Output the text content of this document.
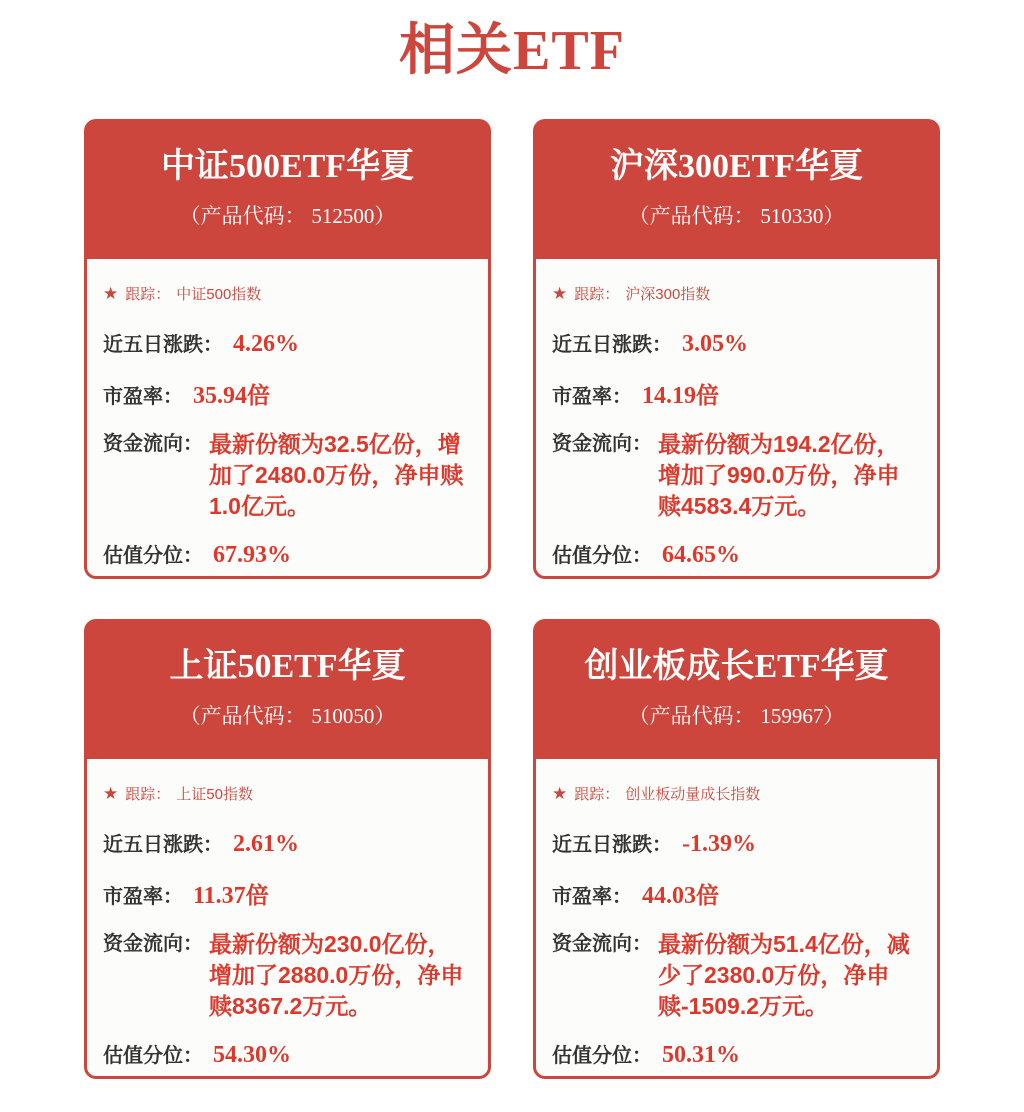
相关ETF
中证500ETF华夏
（产品代码： 512500）
★ 跟踪： 中证500指数
近五日涨跌： 4.26%
市盈率： 35.94 倍
资金流向： 最新份额为32.5亿份，增加了2480.0万份，净申赎1.0亿元。
估值分位： 67.93%
沪深300ETF华夏
（产品代码： 510330）
★ 跟踪： 沪深300指数
近五日涨跌： 3.05%
市盈率： 14.19 倍
资金流向： 最新份额为194.2亿份，增加了990.0万份，净申赎4583.4万元。
估值分位： 64.65%
上证50ETF华夏
（产品代码： 510050）
★ 跟踪： 上证50指数
近五日涨跌： 2.61%
市盈率： 11.37 倍
资金流向： 最新份额为230.0亿份，增加了2880.0万份，净申赎8367.2万元。
估值分位： 54.30%
创业板成长ETF华夏
（产品代码： 159967）
★ 跟踪： 创业板动量成长指数
近五日涨跌： -1.39%
市盈率： 44.03 倍
资金流向： 最新份额为51.4亿份，减少了2380.0万份，净申赎-1509.2万元。
估值分位： 50.31%
